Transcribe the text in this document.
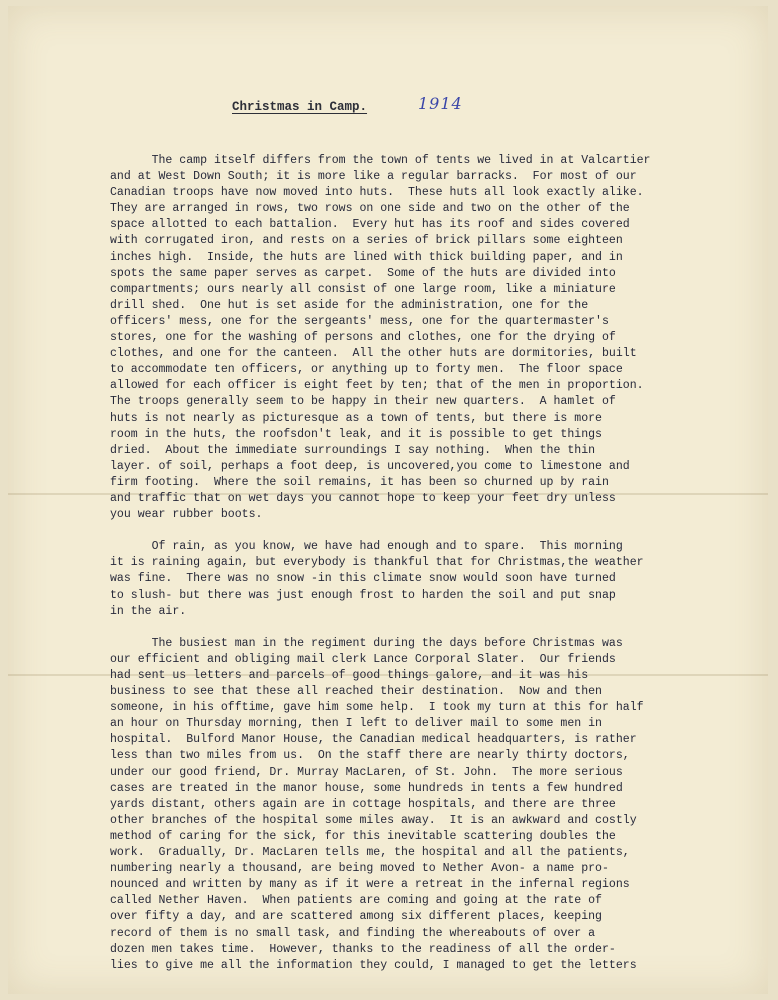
Christmas in Camp.	1914
The camp itself differs from the town of tents we lived in at Valcartier
and at West Down South; it is more like a regular barracks.  For most of our
Canadian troops have now moved into huts.  These huts all look exactly alike.
They are arranged in rows, two rows on one side and two on the other of the
space allotted to each battalion.  Every hut has its roof and sides covered
with corrugated iron, and rests on a series of brick pillars some eighteen
inches high.  Inside, the huts are lined with thick building paper, and in
spots the same paper serves as carpet.  Some of the huts are divided into
compartments; ours nearly all consist of one large room, like a miniature
drill shed.  One hut is set aside for the administration, one for the
officers' mess, one for the sergeants' mess, one for the quartermaster's
stores, one for the washing of persons and clothes, one for the drying of
clothes, and one for the canteen.  All the other huts are dormitories, built
to accommodate ten officers, or anything up to forty men.  The floor space
allowed for each officer is eight feet by ten; that of the men in proportion.
The troops generally seem to be happy in their new quarters.  A hamlet of
huts is not nearly as picturesque as a town of tents, but there is more
room in the huts, the roofsdon't leak, and it is possible to get things
dried.  About the immediate surroundings I say nothing.  When the thin
layer. of soil, perhaps a foot deep, is uncovered,you come to limestone and
firm footing.  Where the soil remains, it has been so churned up by rain
and traffic that on wet days you cannot hope to keep your feet dry unless
you wear rubber boots.
Of rain, as you know, we have had enough and to spare.  This morning
it is raining again, but everybody is thankful that for Christmas,the weather
was fine.  There was no snow -in this climate snow would soon have turned
to slush- but there was just enough frost to harden the soil and put snap
in the air.
The busiest man in the regiment during the days before Christmas was
our efficient and obliging mail clerk Lance Corporal Slater.  Our friends
had sent us letters and parcels of good things galore, and it was his
business to see that these all reached their destination.  Now and then
someone, in his offtime, gave him some help.  I took my turn at this for half
an hour on Thursday morning, then I left to deliver mail to some men in
hospital.  Bulford Manor House, the Canadian medical headquarters, is rather
less than two miles from us.  On the staff there are nearly thirty doctors,
under our good friend, Dr. Murray MacLaren, of St. John.  The more serious
cases are treated in the manor house, some hundreds in tents a few hundred
yards distant, others again are in cottage hospitals, and there are three
other branches of the hospital some miles away.  It is an awkward and costly
method of caring for the sick, for this inevitable scattering doubles the
work.  Gradually, Dr. MacLaren tells me, the hospital and all the patients,
numbering nearly a thousand, are being moved to Nether Avon- a name pro-
nounced and written by many as if it were a retreat in the infernal regions
called Nether Haven.  When patients are coming and going at the rate of
over fifty a day, and are scattered among six different places, keeping
record of them is no small task, and finding the whereabouts of over a
dozen men takes time.  However, thanks to the readiness of all the order-
lies to give me all the information they could, I managed to get the letters
